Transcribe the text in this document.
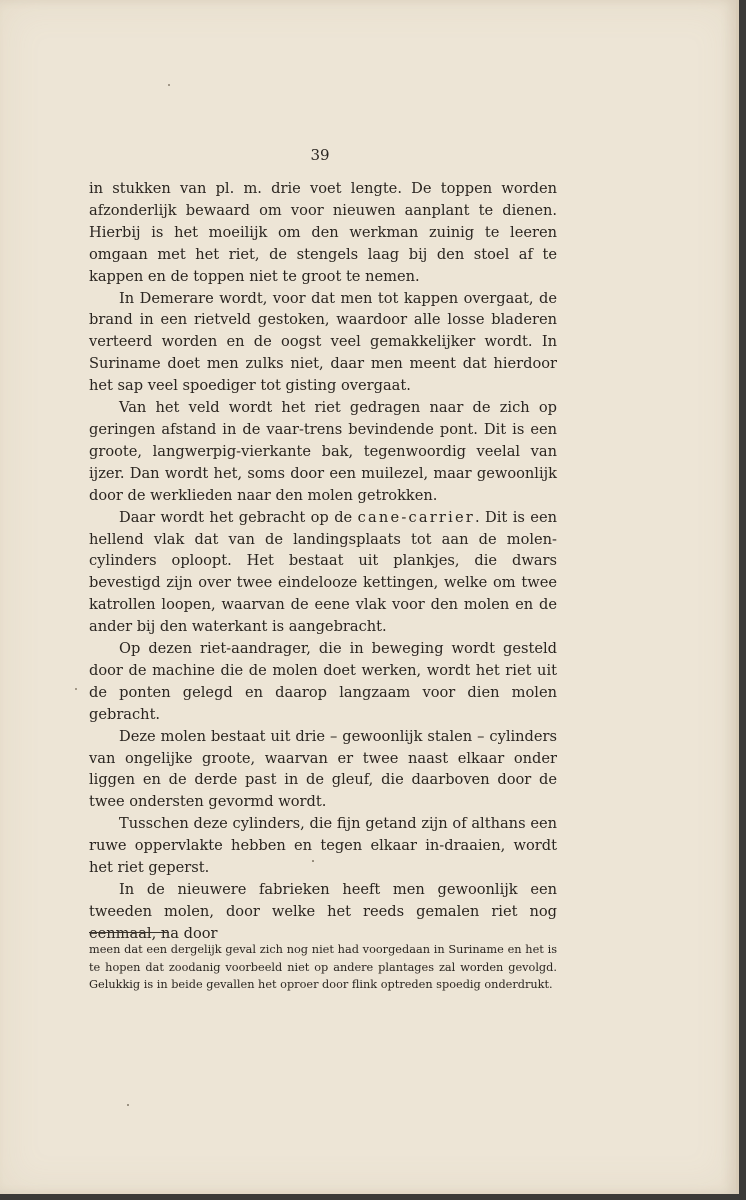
39

in stukken van pl. m. drie voet lengte. De toppen worden afzonderlijk bewaard om voor nieuwen aanplant te dienen. Hierbij is het moeilijk om den werkman zuinig te leeren omgaan met het riet, de stengels laag bij den stoel af te kappen en de toppen niet te groot te nemen.

In Demerare wordt, voor dat men tot kappen overgaat, de brand in een rietveld gestoken, waardoor alle losse bladeren verteerd worden en de oogst veel gemakkelijker wordt. In Suriname doet men zulks niet, daar men meent dat hierdoor het sap veel spoediger tot gisting overgaat.

Van het veld wordt het riet gedragen naar de zich op geringen afstand in de vaar-trens bevindende pont. Dit is een groote, langwerpig-vierkante bak, tegenwoordig veelal van ijzer. Dan wordt het, soms door een muilezel, maar gewoonlijk door de werklieden naar den molen getrokken.

Daar wordt het gebracht op de cane-carrier. Dit is een hellend vlak dat van de landingsplaats tot aan de molen-cylinders oploopt. Het bestaat uit plankjes, die dwars bevestigd zijn over twee eindelooze kettingen, welke om twee katrollen loopen, waarvan de eene vlak voor den molen en de ander bij den waterkant is aangebracht.

Op dezen riet-aandrager, die in beweging wordt gesteld door de machine die de molen doet werken, wordt het riet uit de ponten gelegd en daarop langzaam voor dien molen gebracht.

Deze molen bestaat uit drie – gewoonlijk stalen – cylinders van ongelijke groote, waarvan er twee naast elkaar onder liggen en de derde past in de gleuf, die daarboven door de twee ondersten gevormd wordt.

Tusschen deze cylinders, die fijn getand zijn of althans een ruwe oppervlakte hebben en tegen elkaar in-draaien, wordt het riet geperst.

In de nieuwere fabrieken heeft men gewoonlijk een tweeden molen, door welke het reeds gemalen riet nog eenmaal, na door

meen dat een dergelijk geval zich nog niet had voorgedaan in Suriname en het is te hopen dat zoodanig voorbeeld niet op andere plantages zal worden gevolgd. Gelukkig is in beide gevallen het oproer door flink optreden spoedig onderdrukt.
